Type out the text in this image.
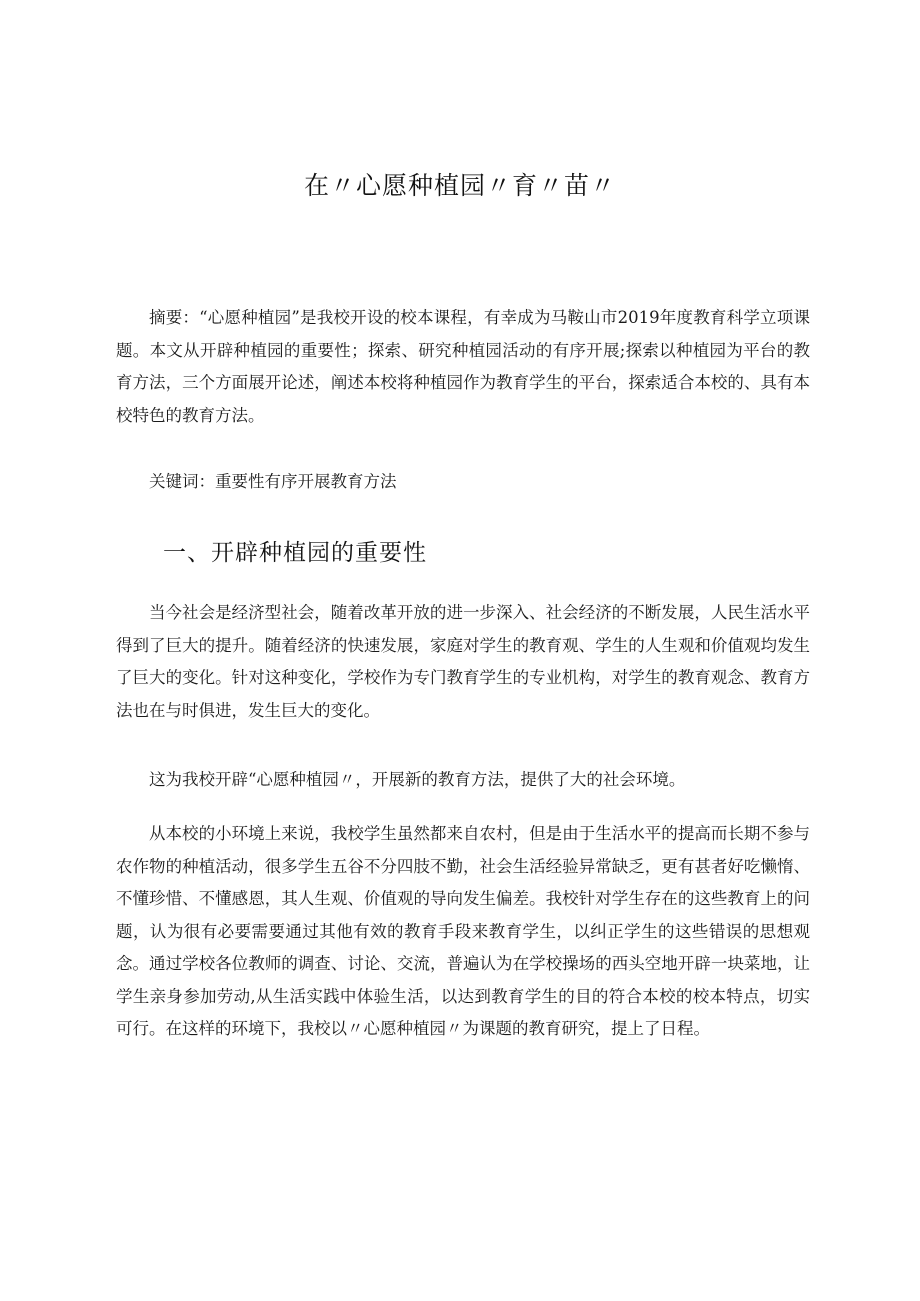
在〃心愿种植园〃育〃苗〃

摘要：“心愿种植园”是我校开设的校本课程，有幸成为马鞍山市2019年度教育科学立项课题。本文从开辟种植园的重要性；探索、研究种植园活动的有序开展;探索以种植园为平台的教育方法，三个方面展开论述，阐述本校将种植园作为教育学生的平台，探索适合本校的、具有本校特色的教育方法。

关键词：重要性有序开展教育方法

一、开辟种植园的重要性

当今社会是经济型社会，随着改革开放的进一步深入、社会经济的不断发展，人民生活水平得到了巨大的提升。随着经济的快速发展，家庭对学生的教育观、学生的人生观和价值观均发生了巨大的变化。针对这种变化，学校作为专门教育学生的专业机构，对学生的教育观念、教育方法也在与时俱进，发生巨大的变化。

这为我校开辟“心愿种植园〃，开展新的教育方法，提供了大的社会环境。

从本校的小环境上来说，我校学生虽然都来自农村，但是由于生活水平的提高而长期不参与农作物的种植活动，很多学生五谷不分四肢不勤，社会生活经验异常缺乏，更有甚者好吃懒惰、不懂珍惜、不懂感恩，其人生观、价值观的导向发生偏差。我校针对学生存在的这些教育上的问题，认为很有必要需要通过其他有效的教育手段来教育学生，以纠正学生的这些错误的思想观念。通过学校各位教师的调查、讨论、交流，普遍认为在学校操场的西头空地开辟一块菜地，让学生亲身参加劳动,从生活实践中体验生活，以达到教育学生的目的符合本校的校本特点，切实可行。在这样的环境下，我校以〃心愿种植园〃为课题的教育研究，提上了日程。
